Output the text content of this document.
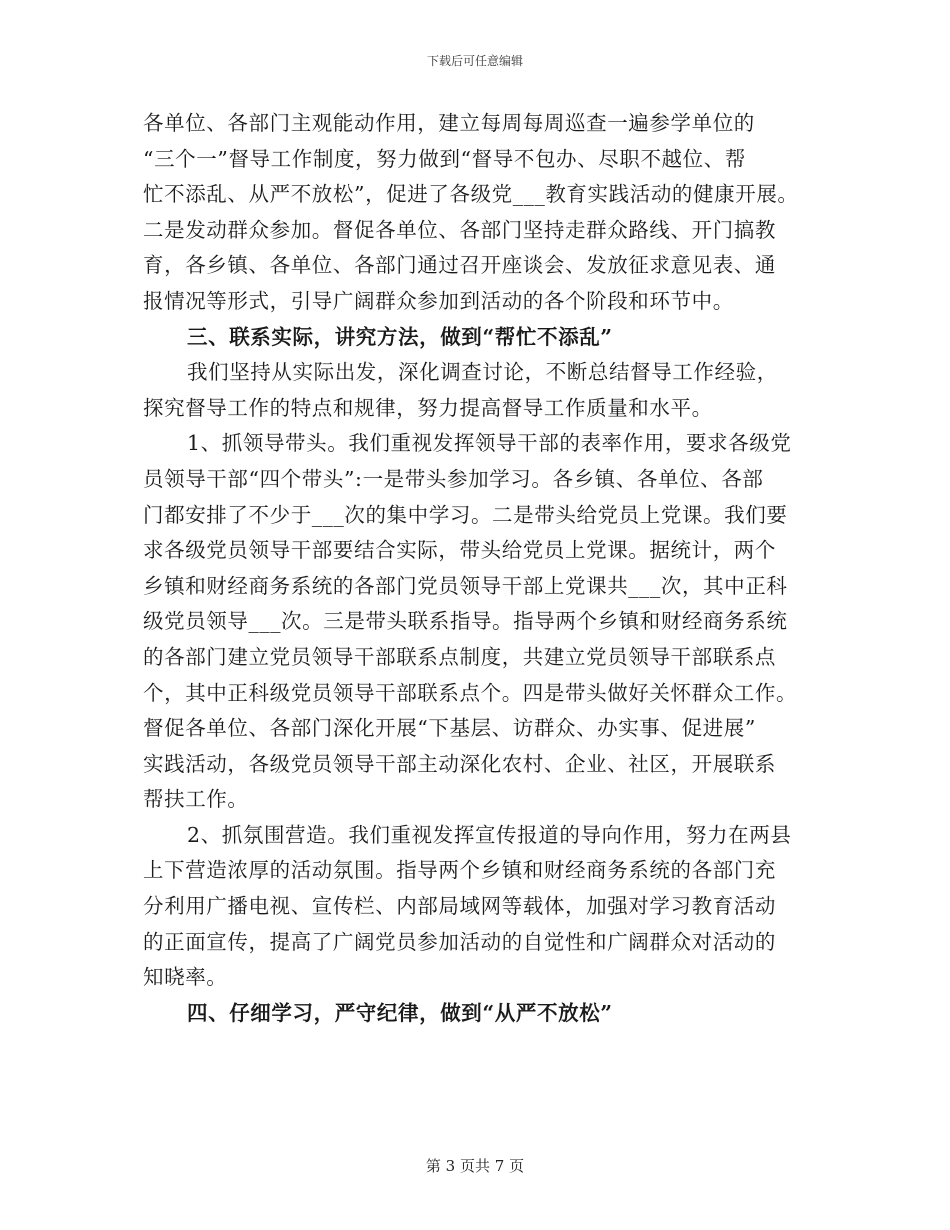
下载后可任意编辑
各单位、各部门主观能动作用，建立每周每周巡查一遍参学单位的
“三个一”督导工作制度，努力做到“督导不包办、尽职不越位、帮
忙不添乱、从严不放松”，促进了各级党___教育实践活动的健康开展。
二是发动群众参加。督促各单位、各部门坚持走群众路线、开门搞教
育，各乡镇、各单位、各部门通过召开座谈会、发放征求意见表、通
报情况等形式，引导广阔群众参加到活动的各个阶段和环节中。
三、联系实际，讲究方法，做到“帮忙不添乱”
我们坚持从实际出发，深化调查讨论，不断总结督导工作经验，
探究督导工作的特点和规律，努力提高督导工作质量和水平。
1、抓领导带头。我们重视发挥领导干部的表率作用，要求各级党
员领导干部“四个带头”:一是带头参加学习。各乡镇、各单位、各部
门都安排了不少于___次的集中学习。二是带头给党员上党课。我们要
求各级党员领导干部要结合实际，带头给党员上党课。据统计，两个
乡镇和财经商务系统的各部门党员领导干部上党课共___次，其中正科
级党员领导___次。三是带头联系指导。指导两个乡镇和财经商务系统
的各部门建立党员领导干部联系点制度，共建立党员领导干部联系点
个，其中正科级党员领导干部联系点个。四是带头做好关怀群众工作。
督促各单位、各部门深化开展“下基层、访群众、办实事、促进展”
实践活动，各级党员领导干部主动深化农村、企业、社区，开展联系
帮扶工作。
2、抓氛围营造。我们重视发挥宣传报道的导向作用，努力在两县
上下营造浓厚的活动氛围。指导两个乡镇和财经商务系统的各部门充
分利用广播电视、宣传栏、内部局域网等载体，加强对学习教育活动
的正面宣传，提高了广阔党员参加活动的自觉性和广阔群众对活动的
知晓率。
四、仔细学习，严守纪律，做到“从严不放松”
第 3 页共 7 页
